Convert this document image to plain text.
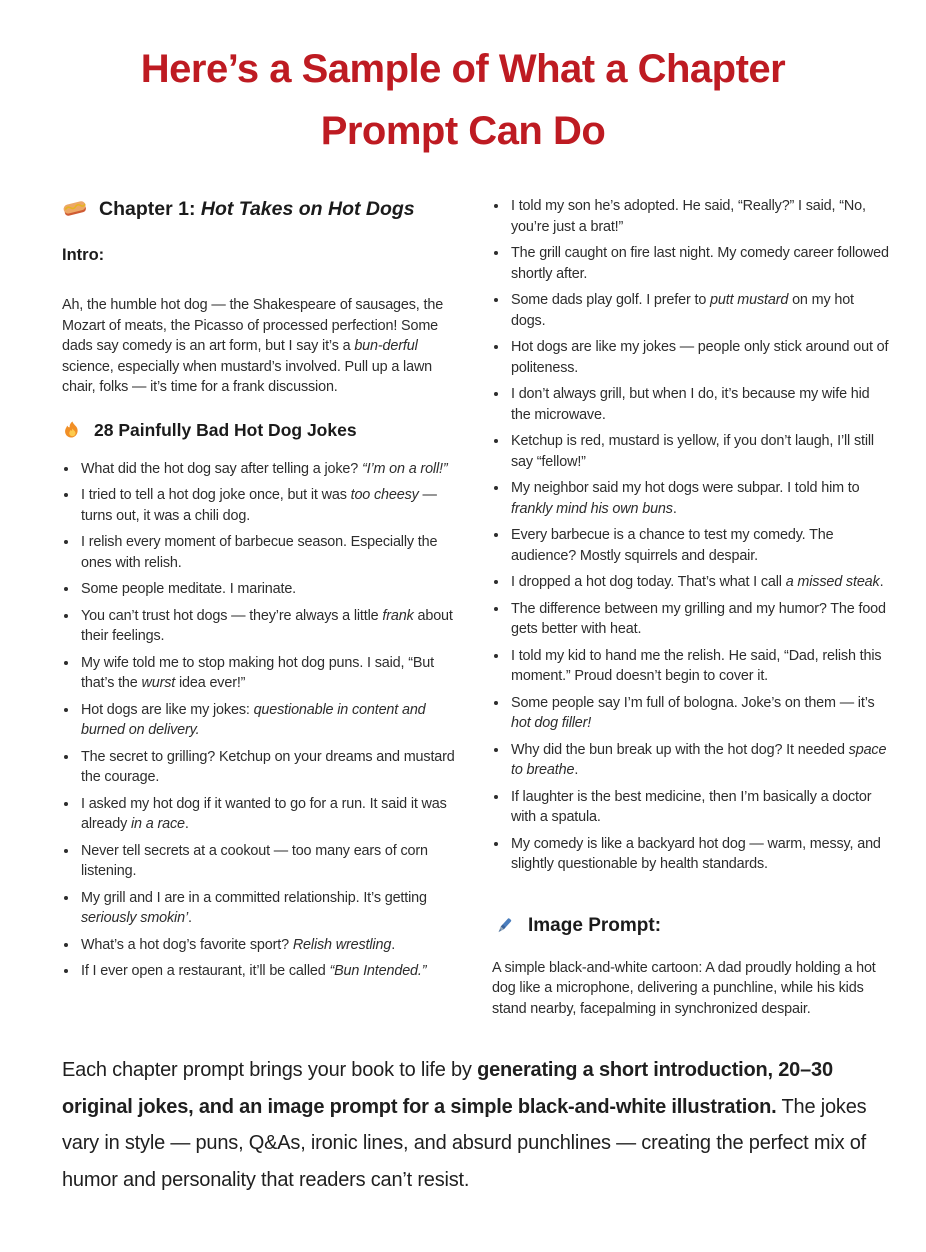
Here’s a Sample of What a Chapter Prompt Can Do
Chapter 1: Hot Takes on Hot Dogs
Intro:

Ah, the humble hot dog — the Shakespeare of sausages, the Mozart of meats, the Picasso of processed perfection! Some dads say comedy is an art form, but I say it’s a bun-derful science, especially when mustard’s involved. Pull up a lawn chair, folks — it’s time for a frank discussion.

28 Painfully Bad Hot Dog Jokes
• What did the hot dog say after telling a joke? “I’m on a roll!”
• I tried to tell a hot dog joke once, but it was too cheesy — turns out, it was a chili dog.
• I relish every moment of barbecue season. Especially the ones with relish.
• Some people meditate. I marinate.
• You can’t trust hot dogs — they’re always a little frank about their feelings.
• My wife told me to stop making hot dog puns. I said, “But that’s the wurst idea ever!”
• Hot dogs are like my jokes: questionable in content and burned on delivery.
• The secret to grilling? Ketchup on your dreams and mustard the courage.
• I asked my hot dog if it wanted to go for a run. It said it was already in a race.
• Never tell secrets at a cookout — too many ears of corn listening.
• My grill and I are in a committed relationship. It’s getting seriously smokin’.
• What’s a hot dog’s favorite sport? Relish wrestling.
• If I ever open a restaurant, it’ll be called “Bun Intended.”
• I told my son he’s adopted. He said, “Really?” I said, “No, you’re just a brat!”
• The grill caught on fire last night. My comedy career followed shortly after.
• Some dads play golf. I prefer to putt mustard on my hot dogs.
• Hot dogs are like my jokes — people only stick around out of politeness.
• I don’t always grill, but when I do, it’s because my wife hid the microwave.
• Ketchup is red, mustard is yellow, if you don’t laugh, I’ll still say “fellow!”
• My neighbor said my hot dogs were subpar. I told him to frankly mind his own buns.
• Every barbecue is a chance to test my comedy. The audience? Mostly squirrels and despair.
• I dropped a hot dog today. That’s what I call a missed steak.
• The difference between my grilling and my humor? The food gets better with heat.
• I told my kid to hand me the relish. He said, “Dad, relish this moment.” Proud doesn’t begin to cover it.
• Some people say I’m full of bologna. Joke’s on them — it’s hot dog filler!
• Why did the bun break up with the hot dog? It needed space to breathe.
• If laughter is the best medicine, then I’m basically a doctor with a spatula.
• My comedy is like a backyard hot dog — warm, messy, and slightly questionable by health standards.
Image Prompt:

A simple black-and-white cartoon: A dad proudly holding a hot dog like a microphone, delivering a punchline, while his kids stand nearby, facepalming in synchronized despair.

Each chapter prompt brings your book to life by generating a short introduction, 20–30 original jokes, and an image prompt for a simple black-and-white illustration. The jokes vary in style — puns, Q&As, ironic lines, and absurd punchlines — creating the perfect mix of humor and personality that readers can’t resist.
